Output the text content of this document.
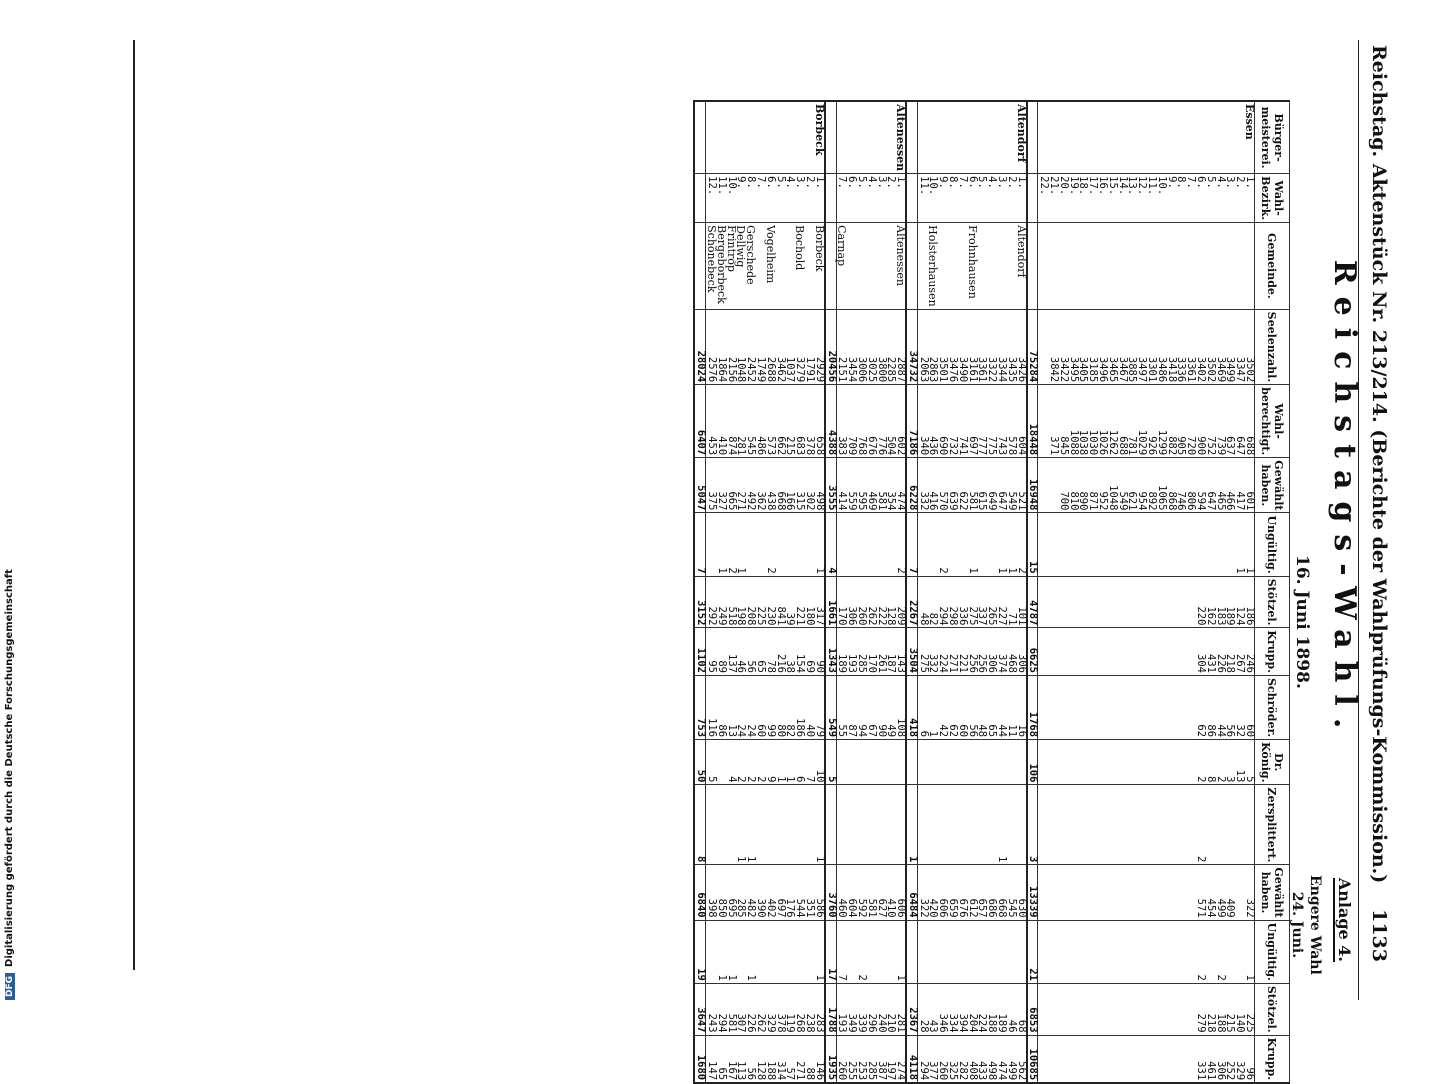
Reichstag. Aktenstück Nr. 213/214. (Berichte der Wahlprüfungs-Kommission.)
1133
Reichstags-Wahl.
Anlage 4.
16. Juni 1898.
Engere Wahl
24. Juni.
Bürger-meisterei.	Wahl-Bezirk.	Gemeinde.	Seelenzahl.	Wahl-berechtigt.	Gewählt haben.	Ungültig.	Stötzel.	Krupp.	Schröder.	Dr. König.	Zersplittert.	Gewählt haben.	Ungültig.	Stötzel.	Krupp.
Essen	1.		3502	688	601	1	186	246	60	5		322	1	225	96
	2.		3347	647	417	1	124	267	32	13				140	329
	3.		3499	637	466		189	218	56	3		409		215	252
	4.		3469	739	465		183	226	44	2		499	2	188	306
	5.		3502	752	647		162	431	86	8		454		218	461
	6.		3402	900	594		220	304	62	2	2	571	2	279	331
	7.		3361	720	806										
	8.		3336	905	746										
	9.		3418	882	868										
	10.		3486	1299	1065										
	11.		3301	926	892										
	12.		3497	1029	954										
	13.		3885	781	621										
	14.		3467	688	549										
	15.		3465	1262	1048										
	16.		3496	1026	952										
	17.		3185	1030	871										
	18.		3405	1038	890										
	19.		3495	1088	810										
	20.		3422	845	700										
	21.		3842	371											
	22.														
			75284	18448	16948	15	4787	6625	1768	106	3	13339	21	6853	10685
Altendorf	1.	Altendorf	3426	604	521	2	101	306	16			630		68	562
	2.		3435	578	549	1	71	468	11			545		46	499
	3.		3344	743	647	1	227	374	44		1	668		189	474
	4.		3322	775	649		265	306	65			686		188	498
	5.		3361	777	615		337	256	48			657		224	433
	6.	Frohnhausen	3161	697	581	1	275	256	56			612		204	408
	7.		3490	741	622		336	221	60			676		394	282
	8.		3476	732	639		298	271	62			659		334	325
	9.		3501	690	570	2	294	224	42			606		346	260
	10.	Holsterhausen	2863	436	416		82	332	1			420		43	377
	11.		2063	340	332		48	275	6			322		28	294
			34732	7186	6228	7	2267	3504	418		1	6484		2367	4118
Altenessen	1.	Altenessen	2887	602	474	2	209	143	108			606	1	281	274
	2.		2285	504	354		128	187	49			410		210	197
	3.		3800	776	581		222	261	90			627		240	387
	4.		3025	676	469		262	170	67			581		296	285
	5.		3006	768	595		260	285	94			592	2	339	253
	6.		3454	709	559		306	193	87			604		349	255
	7.	Carnap	2151	383	414		170	189	55			460	7	193	260
			20456	4388	3555	4	1661	1343	549	5		3760	17	1788	1935
Borbeck	1.	Borbeck	2929	658	498	1	317	90	79	10	1	586	1	283	146
	2.		1791	378	302		180	69	40	7		351		238	88
	3.	Bochold	3279	683	315		221	154	186	6		544		268	271
	4.		1037	215	166		39	38	82	1		176		119	57
	5.		3462	662	668		841	216	80	1		697		378	314
	6.	Vogelheim	2688	573	438	2	230	78	99	9		402		329	188
	7.		1749	486	362		225	65	60	2		390		262	128
	8.	Gerschede	2452	545	492		208	56	24	2	1	482	1	226	56
	9.	Dellwig	1048	281	271	1	198	46	24	2	1	285		307	113
	10.	Frintrop	2156	874	665	2	518	137	13	4		695	1	581	167
	11.	Bergeborbeck	1864	410	327	1	249	89	86			850	1	294	65
	12.	Schönebeck	2576	453	375		292	95	116	5		398		243	147
			28024	6407	5047	7	3152	1102	753	50	8	6840	19	3647	1680
DFGDigitalisierung gefördert durch die Deutsche Forschungsgemeinschaft
